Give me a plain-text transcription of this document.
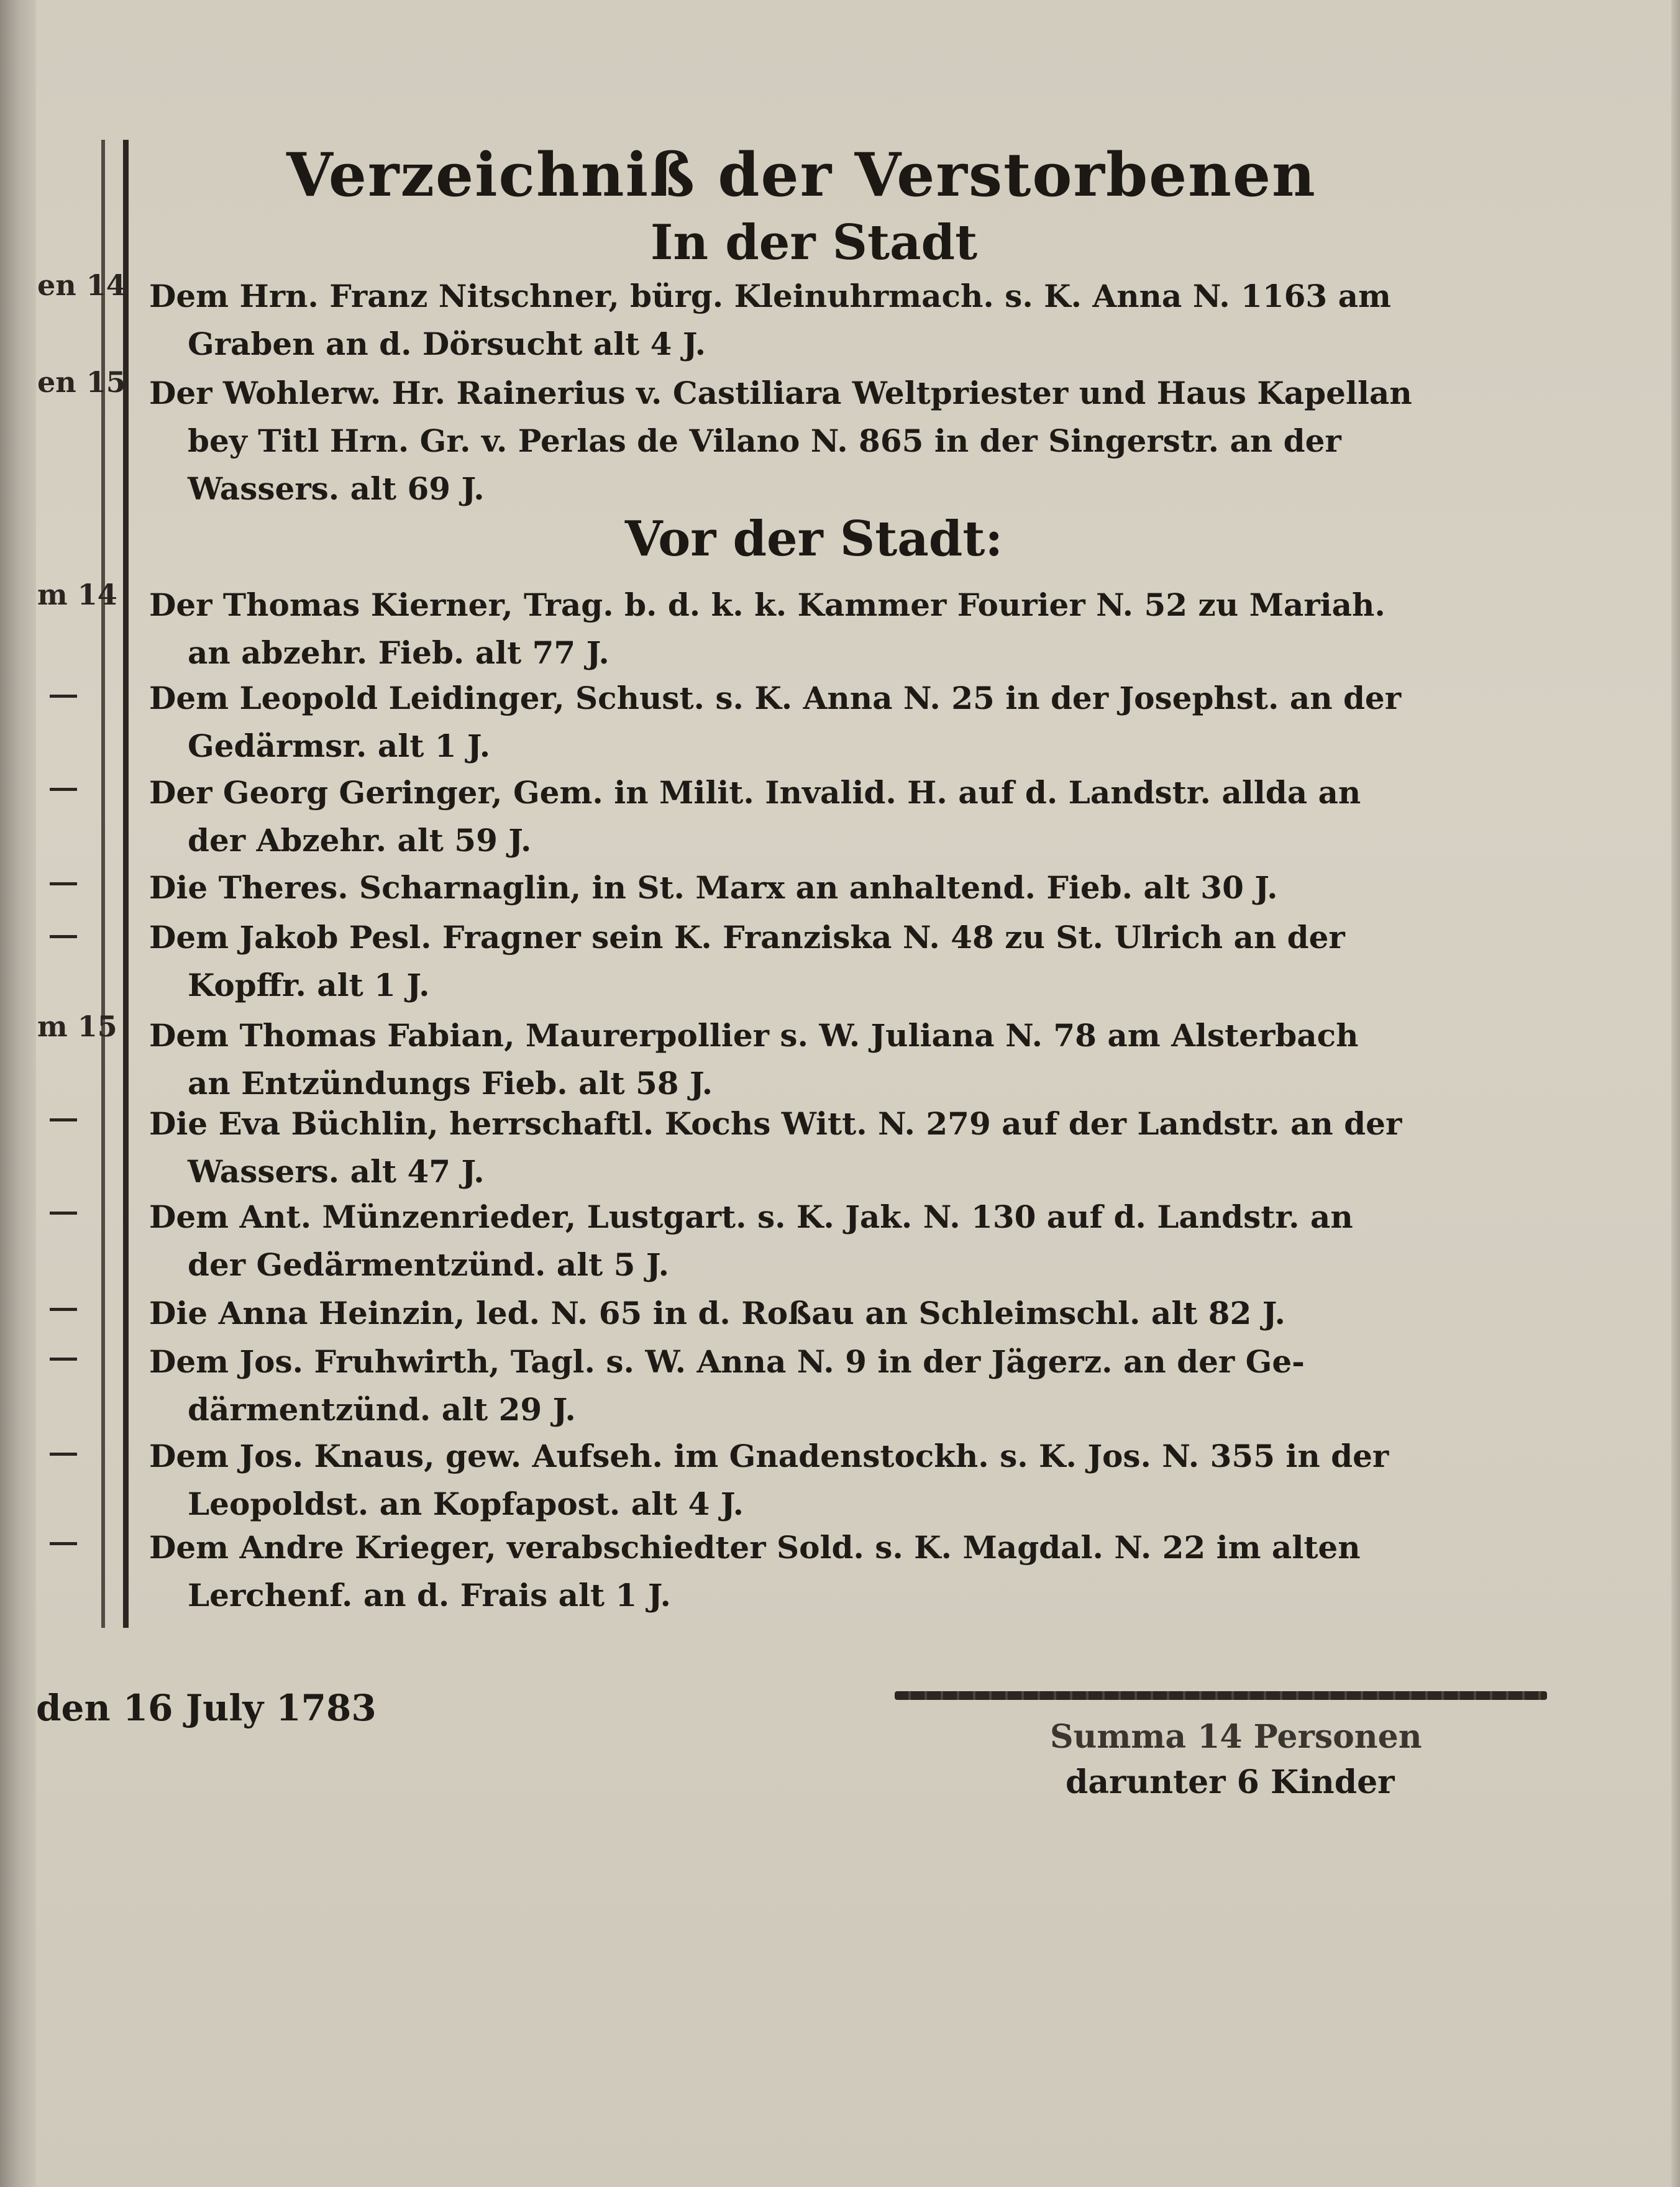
en 14
en 15
m 14
m 15
Verzeichniß der Verstorbenen
In der Stadt
Vor der Stadt:
Dem Hrn. Franz Nitschner, bürg. Kleinuhrmach. s. K. Anna N. 1163 am
Graben an d. Dörsucht alt 4 J.
Der Wohlerw. Hr. Rainerius v. Castiliara Weltpriester und Haus Kapellan
bey Titl Hrn. Gr. v. Perlas de Vilano N. 865 in der Singerstr. an der
Wassers. alt 69 J.
Der Thomas Kierner, Trag. b. d. k. k. Kammer Fourier N. 52 zu Mariah.
an abzehr. Fieb. alt 77 J.
Dem Leopold Leidinger, Schust. s. K. Anna N. 25 in der Josephst. an der
Gedärmsr. alt 1 J.
Der Georg Geringer, Gem. in Milit. Invalid. H. auf d. Landstr. allda an
der Abzehr. alt 59 J.
Die Theres. Scharnaglin, in St. Marx an anhaltend. Fieb. alt 30 J.
Dem Jakob Pesl. Fragner sein K. Franziska N. 48 zu St. Ulrich an der
Kopffr. alt 1 J.
Dem Thomas Fabian, Maurerpollier s. W. Juliana N. 78 am Alsterbach
an Entzündungs Fieb. alt 58 J.
Die Eva Büchlin, herrschaftl. Kochs Witt. N. 279 auf der Landstr. an der
Wassers. alt 47 J.
Dem Ant. Münzenrieder, Lustgart. s. K. Jak. N. 130 auf d. Landstr. an
der Gedärmentzünd. alt 5 J.
Die Anna Heinzin, led. N. 65 in d. Roßau an Schleimschl. alt 82 J.
Dem Jos. Fruhwirth, Tagl. s. W. Anna N. 9 in der Jägerz. an der Ge-
därmentzünd. alt 29 J.
Dem Jos. Knaus, gew. Aufseh. im Gnadenstockh. s. K. Jos. N. 355 in der
Leopoldst. an Kopfapost. alt 4 J.
Dem Andre Krieger, verabschiedter Sold. s. K. Magdal. N. 22 im alten
Lerchenf. an d. Frais alt 1 J.
den 16 July 1783
Summa 14 Personen
darunter 6 Kinder
